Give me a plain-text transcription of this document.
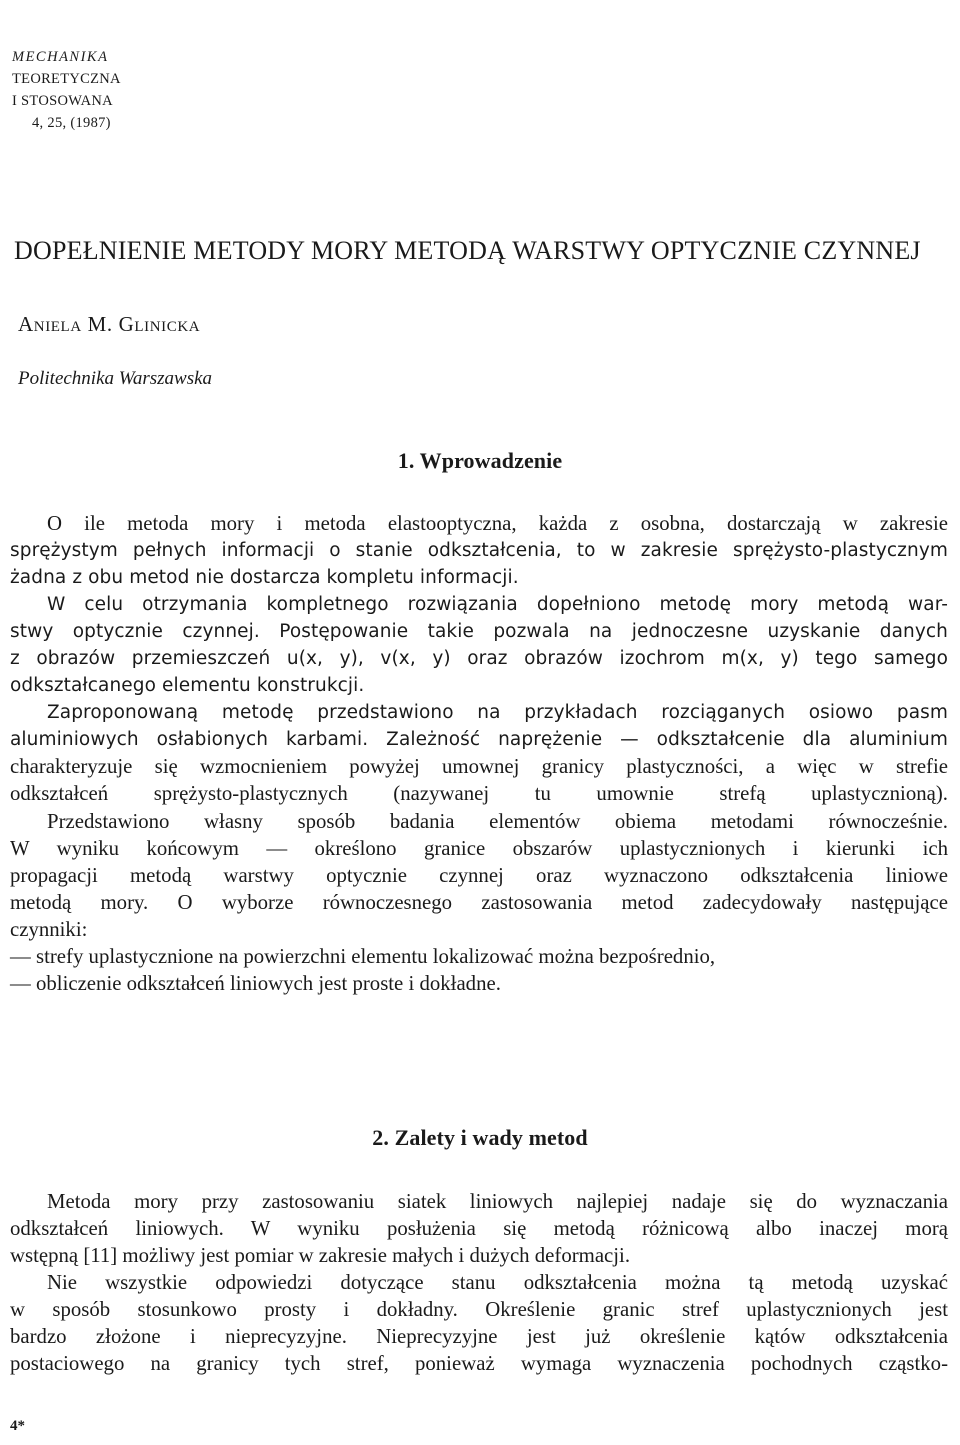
MECHANIKA
TEORETYCZNA
I STOSOWANA
4, 25, (1987)
DOPEŁNIENIE METODY MORY METODĄ WARSTWY OPTYCZNIE CZYNNEJ
Aniela M. Glinicka
Politechnika Warszawska
1. Wprowadzenie
O ile metoda mory i metoda elastooptyczna, każda z osobna, dostarczają w zakresie
sprężystym pełnych informacji o stanie odkształcenia, to w zakresie sprężysto-plastycznym
żadna z obu metod nie dostarcza kompletu informacji.
W celu otrzymania kompletnego rozwiązania dopełniono metodę mory metodą war-
stwy optycznie czynnej. Postępowanie takie pozwala na jednoczesne uzyskanie danych
z obrazów przemieszczeń u(x, y), v(x, y) oraz obrazów izochrom m(x, y) tego samego
odkształcanego elementu konstrukcji.
Zaproponowaną metodę przedstawiono na przykładach rozciąganych osiowo pasm
aluminiowych osłabionych karbami. Zależność naprężenie — odkształcenie dla aluminium
charakteryzuje się wzmocnieniem powyżej umownej granicy plastyczności, a więc w strefie
odkształceń sprężysto-plastycznych (nazywanej tu umownie strefą uplastycznioną).
Przedstawiono własny sposób badania elementów obiema metodami równocześnie.
W wyniku końcowym — określono granice obszarów uplastycznionych i kierunki ich
propagacji metodą warstwy optycznie czynnej oraz wyznaczono odkształcenia liniowe
metodą mory. O wyborze równoczesnego zastosowania metod zadecydowały następujące
czynniki:
— strefy uplastycznione na powierzchni elementu lokalizować można bezpośrednio,
— obliczenie odkształceń liniowych jest proste i dokładne.
2. Zalety i wady metod
Metoda mory przy zastosowaniu siatek liniowych najlepiej nadaje się do wyznaczania
odkształceń liniowych. W wyniku posłużenia się metodą różnicową albo inaczej morą
wstępną [11] możliwy jest pomiar w zakresie małych i dużych deformacji.
Nie wszystkie odpowiedzi dotyczące stanu odkształcenia można tą metodą uzyskać
w sposób stosunkowo prosty i dokładny. Określenie granic stref uplastycznionych jest
bardzo złożone i nieprecyzyjne. Nieprecyzyjne jest już określenie kątów odkształcenia
postaciowego na granicy tych stref, ponieważ wymaga wyznaczenia pochodnych cząstko-
4*
